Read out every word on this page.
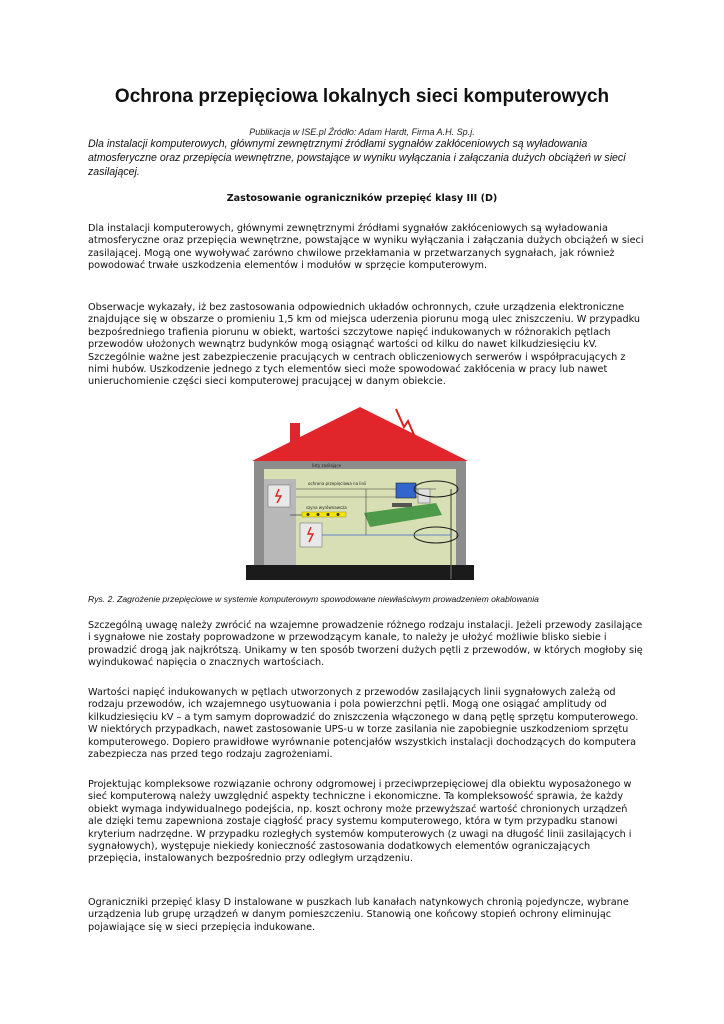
Ochrona przepięciowa lokalnych sieci komputerowych
Publikacja w ISE.pl Źródło: Adam Hardt, Firma A.H. Sp.j.
Dla instalacji komputerowych, głównymi zewnętrznymi źródłami sygnałów zakłóceniowych są wyładowania atmosferyczne oraz przepięcia wewnętrzne, powstające w wyniku wyłączania i załączania dużych obciążeń w sieci zasilającej.
Zastosowanie ograniczników przepięć klasy III (D)

Dla instalacji komputerowych, głównymi zewnętrznymi źródłami sygnałów zakłóceniowych są wyładowania atmosferyczne oraz przepięcia wewnętrzne, powstające w wyniku wyłączania i załączania dużych obciążeń w sieci zasilającej. Mogą one wywoływać zarówno chwilowe przekłamania w przetwarzanych sygnałach, jak również powodować trwałe uszkodzenia elementów i modułów w sprzęcie komputerowym.

Obserwacje wykazały, iż bez zastosowania odpowiednich układów ochronnych, czułe urządzenia elektroniczne znajdujące się w obszarze o promieniu 1,5 km od miejsca uderzenia piorunu mogą ulec zniszczeniu. W przypadku bezpośredniego trafienia piorunu w obiekt, wartości szczytowe napięć indukowanych w różnorakich pętlach przewodów ułożonych wewnątrz budynków mogą osiągnąć wartości od kilku do nawet kilkudziesięciu kV. Szczególnie ważne jest zabezpieczenie pracujących w centrach obliczeniowych serwerów i współpracujących z nimi hubów. Uszkodzenie jednego z tych elementów sieci może spowodować zakłócenia w pracy lub nawet unieruchomienie części sieci komputerowej pracującej w danym obiekcie.

listy zasilające
ochrona przepięciowa na linii
szyna wyrównawcza
Rys. 2. Zagrożenie przepięciowe w systemie komputerowym spowodowane niewłaściwym prowadzeniem okablowania

Szczególną uwagę należy zwrócić na wzajemne prowadzenie różnego rodzaju instalacji. Jeżeli przewody zasilające i sygnałowe nie zostały poprowadzone w przewodzącym kanale, to należy je ułożyć możliwie blisko siebie i prowadzić drogą jak najkrótszą. Unikamy w ten sposób tworzeni dużych pętli z przewodów, w których mogłoby się wyindukować napięcia o znacznych wartościach.

Wartości napięć indukowanych w pętlach utworzonych z przewodów zasilających linii sygnałowych zależą od rodzaju przewodów, ich wzajemnego usytuowania i pola powierzchni pętli. Mogą one osiągać amplitudy od kilkudziesięciu kV – a tym samym doprowadzić do zniszczenia włączonego w daną pętlę sprzętu komputerowego. W niektórych przypadkach, nawet zastosowanie UPS-u w torze zasilania nie zapobiegnie uszkodzeniom sprzętu komputerowego. Dopiero prawidłowe wyrównanie potencjałów wszystkich instalacji dochodzących do komputera zabezpiecza nas przed tego rodzaju zagrożeniami.

Projektując kompleksowe rozwiązanie ochrony odgromowej i przeciwprzepięciowej dla obiektu wyposażonego w sieć komputerową należy uwzględnić aspekty techniczne i ekonomiczne. Ta kompleksowość sprawia, że każdy obiekt wymaga indywidualnego podejścia, np. koszt ochrony może przewyższać wartość chronionych urządzeń ale dzięki temu zapewniona zostaje ciągłość pracy systemu komputerowego, która w tym przypadku stanowi kryterium nadrzędne. W przypadku rozległych systemów komputerowych (z uwagi na długość linii zasilających i sygnałowych), występuje niekiedy konieczność zastosowania dodatkowych elementów ograniczających przepięcia, instalowanych bezpośrednio przy odległym urządzeniu.

Ograniczniki przepięć klasy D instalowane w puszkach lub kanałach natynkowych chronią pojedyncze, wybrane urządzenia lub grupę urządzeń w danym pomieszczeniu. Stanowią one końcowy stopień ochrony eliminując pojawiające się w sieci przepięcia indukowane.
